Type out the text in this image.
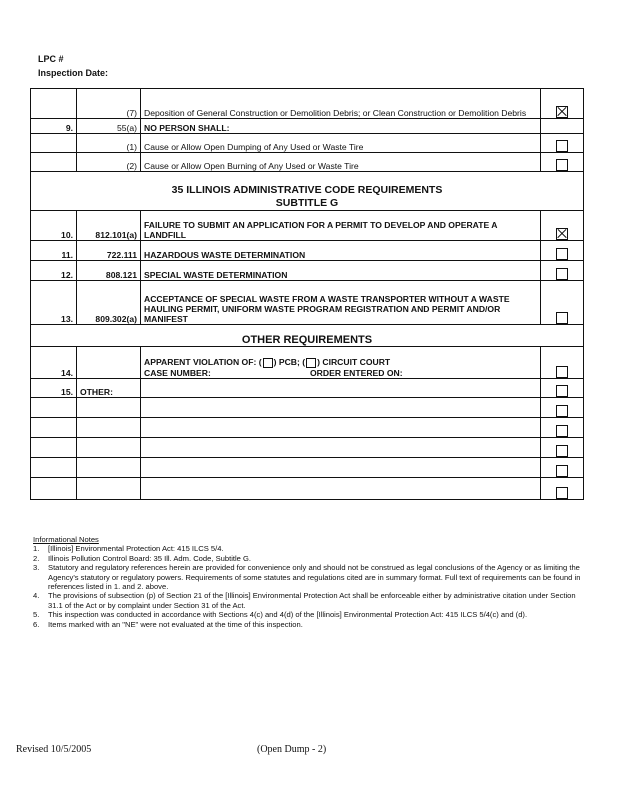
LPC #
Inspection Date:
	(7)	Deposition of General Construction or Demolition Debris; or Clean Construction or Demolition Debris	
9.	55(a)	NO PERSON SHALL:	
	(1)	Cause or Allow Open Dumping of Any Used or Waste Tire	
	(2)	Cause or Allow Open Burning of Any Used or Waste Tire	

35 ILLINOIS ADMINISTRATIVE CODE REQUIREMENTS
SUBTITLE G			

10.	812.101(a)	FAILURE TO SUBMIT AN APPLICATION FOR A PERMIT TO DEVELOP AND OPERATE A LANDFILL	
11.	722.111	HAZARDOUS WASTE DETERMINATION	
12.	808.121	SPECIAL WASTE DETERMINATION	
13.	809.302(a)	ACCEPTANCE OF SPECIAL WASTE FROM A WASTE TRANSPORTER WITHOUT A WASTE HAULING PERMIT, UNIFORM WASTE PROGRAM REGISTRATION AND PERMIT AND/OR MANIFEST	
OTHER REQUIREMENTS			
14.		APPARENT VIOLATION OF: ( ) PCB; ( ) CIRCUIT COURT
CASE NUMBER: ORDER ENTERED ON:	

15.	OTHER:		

Informational Notes
1.	[Illinois] Environmental Protection Act: 415 ILCS 5/4.
2.	Illinois Pollution Control Board: 35 Ill. Adm. Code, Subtitle G.
3.	Statutory and regulatory references herein are provided for convenience only and should not be construed as legal conclusions of the Agency or as limiting the Agency's statutory or regulatory powers. Requirements of some statutes and regulations cited are in summary format. Full text of requirements can be found in references listed in 1. and 2. above.
4.	The provisions of subsection (p) of Section 21 of the [Illinois] Environmental Protection Act shall be enforceable either by administrative citation under Section 31.1 of the Act or by complaint under Section 31 of the Act.
5.	This inspection was conducted in accordance with Sections 4(c) and 4(d) of the [Illinois] Environmental Protection Act: 415 ILCS 5/4(c) and (d).
6.	Items marked with an "NE" were not evaluated at the time of this inspection.
Revised 10/5/2005	(Open Dump - 2)
